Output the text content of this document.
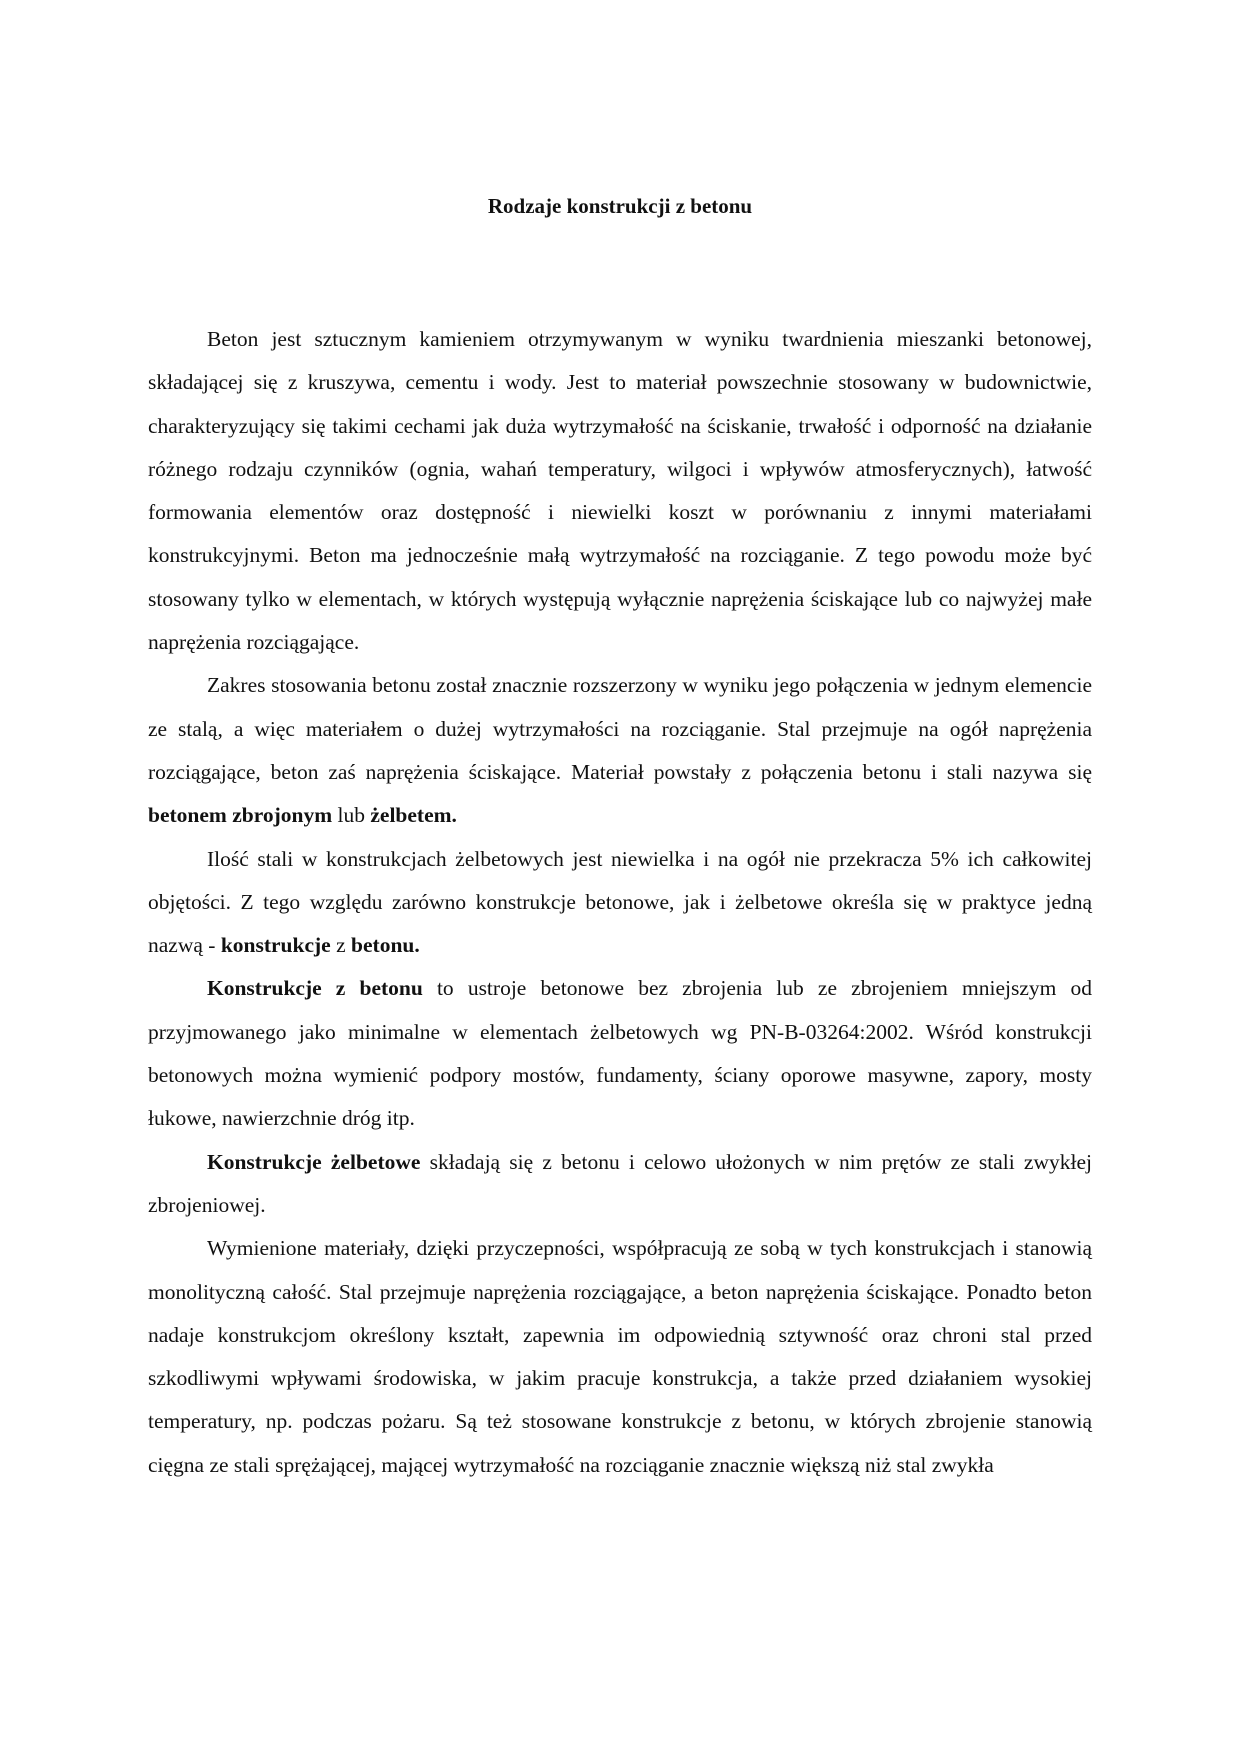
Rodzaje konstrukcji z betonu

Beton jest sztucznym kamieniem otrzymywanym w wyniku twardnienia mieszanki betonowej, składającej się z kruszywa, cementu i wody. Jest to materiał powszechnie stosowany w budownictwie, charakteryzujący się takimi cechami jak duża wytrzymałość na ściskanie, trwałość i odporność na działanie różnego rodzaju czynników (ognia, wahań temperatury, wilgoci i wpływów atmosferycznych), łatwość formowania elementów oraz dostępność i niewielki koszt w porównaniu z innymi materiałami konstrukcyjnymi. Beton ma jednocześnie małą wytrzymałość na rozciąganie. Z tego powodu może być stosowany tylko w elementach, w których występują wyłącznie naprężenia ściskające lub co najwyżej małe naprężenia rozciągające.

Zakres stosowania betonu został znacznie rozszerzony w wyniku jego połączenia w jednym elemencie ze stalą, a więc materiałem o dużej wytrzymałości na rozciąganie. Stal przejmuje na ogół naprężenia rozciągające, beton zaś naprężenia ściskające. Materiał powstały z połączenia betonu i stali nazywa się betonem zbrojonym lub żelbetem.

Ilość stali w konstrukcjach żelbetowych jest niewielka i na ogół nie przekracza 5% ich całkowitej objętości. Z tego względu zarówno konstrukcje betonowe, jak i żelbetowe określa się w praktyce jedną nazwą - konstrukcje z betonu.

Konstrukcje z betonu to ustroje betonowe bez zbrojenia lub ze zbrojeniem mniejszym od przyjmowanego jako minimalne w elementach żelbetowych wg PN-B-03264:2002. Wśród konstrukcji betonowych można wymienić podpory mostów, fundamenty, ściany oporowe masywne, zapory, mosty łukowe, nawierzchnie dróg itp.

Konstrukcje żelbetowe składają się z betonu i celowo ułożonych w nim prętów ze stali zwykłej zbrojeniowej.

Wymienione materiały, dzięki przyczepności, współpracują ze sobą w tych konstrukcjach i stanowią monolityczną całość. Stal przejmuje naprężenia rozciągające, a beton naprężenia ściskające. Ponadto beton nadaje konstrukcjom określony kształt, zapewnia im odpowiednią sztywność oraz chroni stal przed szkodliwymi wpływami środowiska, w jakim pracuje konstrukcja, a także przed działaniem wysokiej temperatury, np. podczas pożaru. Są też stosowane konstrukcje z betonu, w których zbrojenie stanowią cięgna ze stali sprężającej, mającej wytrzymałość na rozciąganie znacznie większą niż stal zwykła
